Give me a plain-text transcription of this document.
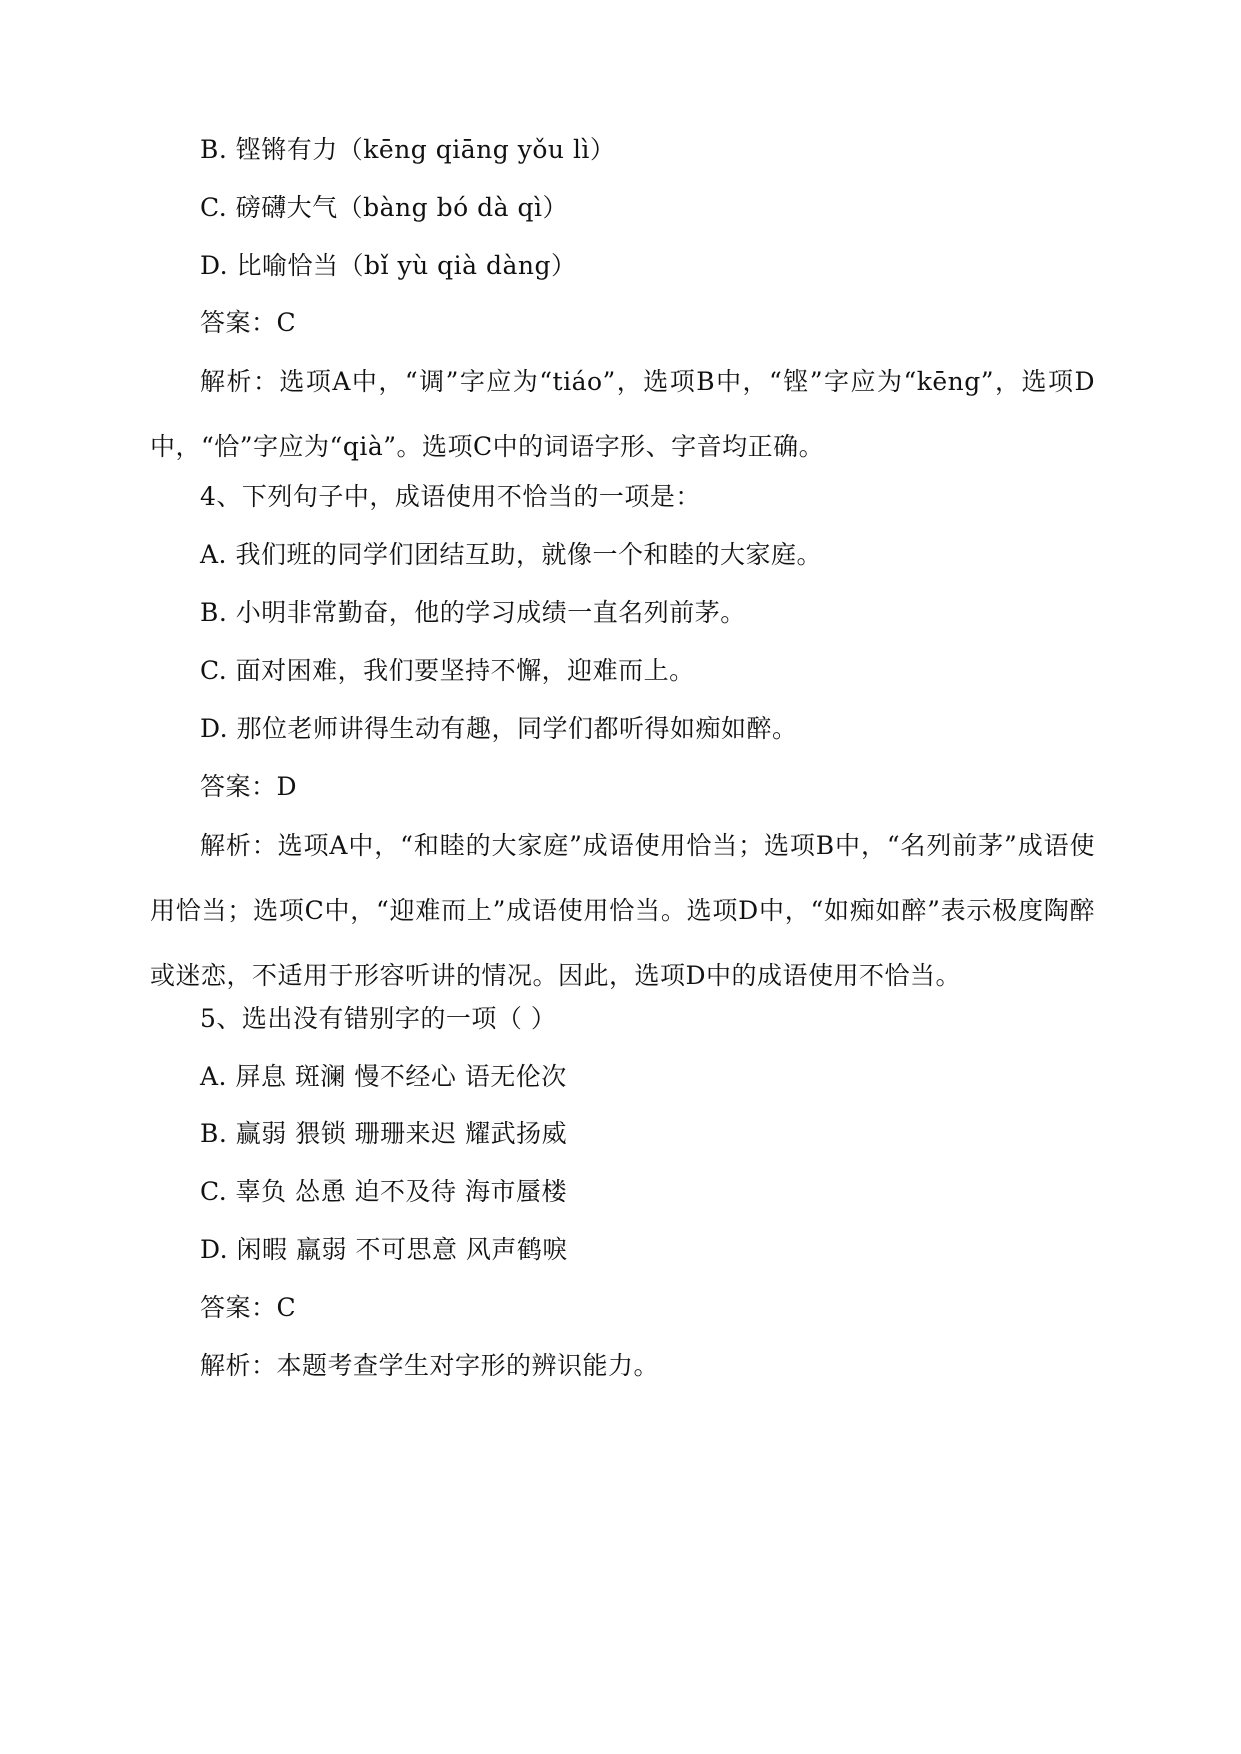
B. 铿锵有力（kēng qiāng yǒu lì）
C. 磅礴大气（bàng bó dà qì）
D. 比喻恰当（bǐ yù qià dàng）
答案：C
解析：选项A中，“调”字应为“tiáo”，选项B中，“铿”字应为“kēng”，选项D中，“恰”字应为“qià”。选项C中的词语字形、字音均正确。
4、下列句子中，成语使用不恰当的一项是：
A. 我们班的同学们团结互助，就像一个和睦的大家庭。
B. 小明非常勤奋，他的学习成绩一直名列前茅。
C. 面对困难，我们要坚持不懈，迎难而上。
D. 那位老师讲得生动有趣，同学们都听得如痴如醉。
答案：D
解析：选项A中，“和睦的大家庭”成语使用恰当；选项B中，“名列前茅”成语使用恰当；选项C中，“迎难而上”成语使用恰当。选项D中，“如痴如醉”表示极度陶醉或迷恋，不适用于形容听讲的情况。因此，选项D中的成语使用不恰当。
5、选出没有错别字的一项（ ）
A. 屏息 斑澜 慢不经心 语无伦次
B. 赢弱 猥锁 珊珊来迟 耀武扬威
C. 辜负 怂恿 迫不及待 海市蜃楼
D. 闲暇 羸弱 不可思意 风声鹤唳
答案：C
解析：本题考查学生对字形的辨识能力。
